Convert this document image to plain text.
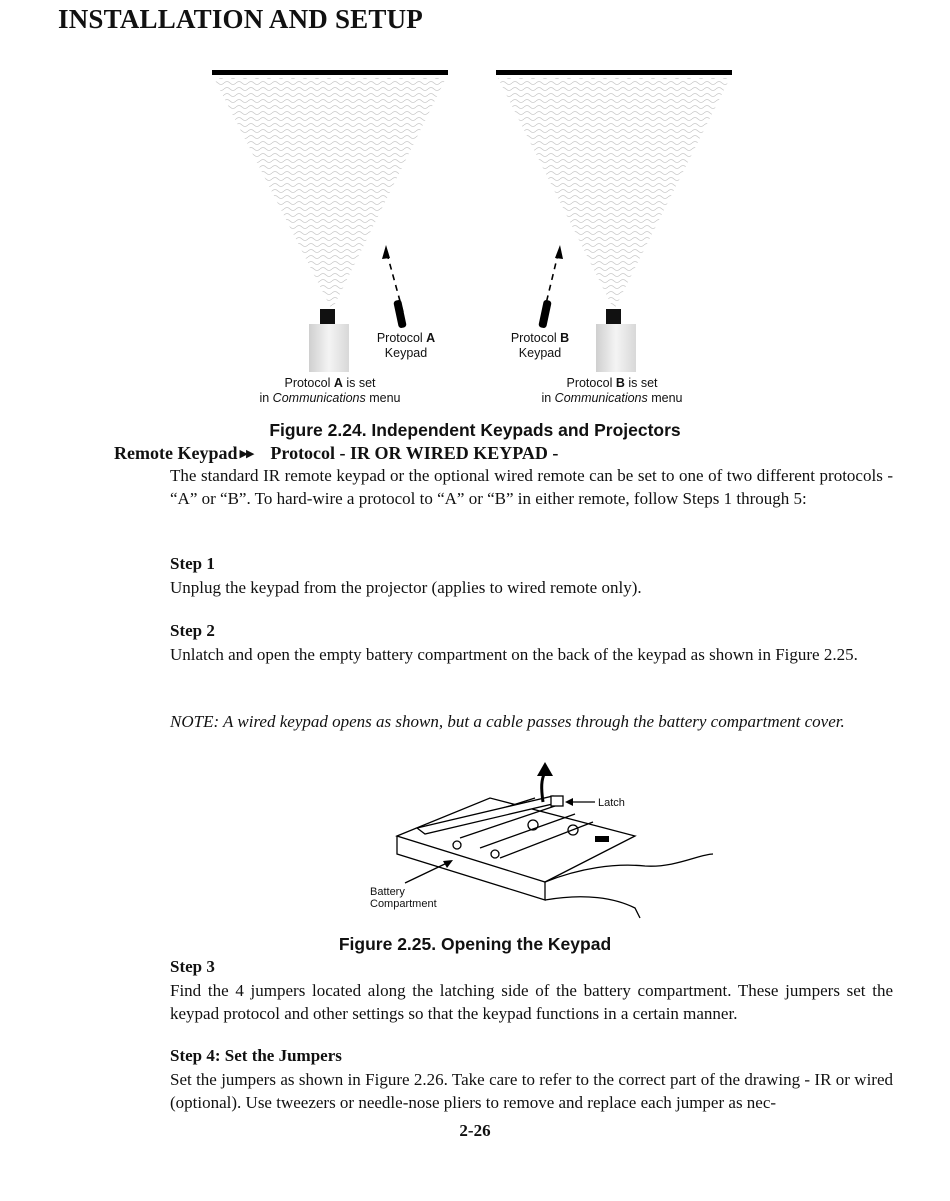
INSTALLATION AND SETUP
Protocol A
Keypad
Protocol B
Keypad
Protocol A is set
in Communications menu
Protocol B is set
in Communications menu
Figure 2.24. Independent Keypads and Projectors
Remote Keypad ▶▶ Protocol - IR OR WIRED KEYPAD -
The standard IR remote keypad or the optional wired remote can be set to one of two different protocols - “A” or “B”. To hard-wire a protocol to “A” or “B” in either remote, follow Steps 1 through 5:
Step 1
Unplug the keypad from the projector (applies to wired remote only).
Step 2
Unlatch and open the empty battery compartment on the back of the keypad as shown in Figure 2.25.
NOTE: A wired keypad opens as shown, but a cable passes through the battery compartment cover.
Latch
Battery
Compartment
Figure 2.25. Opening the Keypad
Step 3
Find the 4 jumpers located along the latching side of the battery compartment. These jumpers set the keypad protocol and other settings so that the keypad functions in a certain manner.
Step 4: Set the Jumpers
Set the jumpers as shown in Figure 2.26. Take care to refer to the correct part of the drawing - IR or wired (optional). Use tweezers or needle-nose pliers to remove and replace each jumper as nec-
2-26
